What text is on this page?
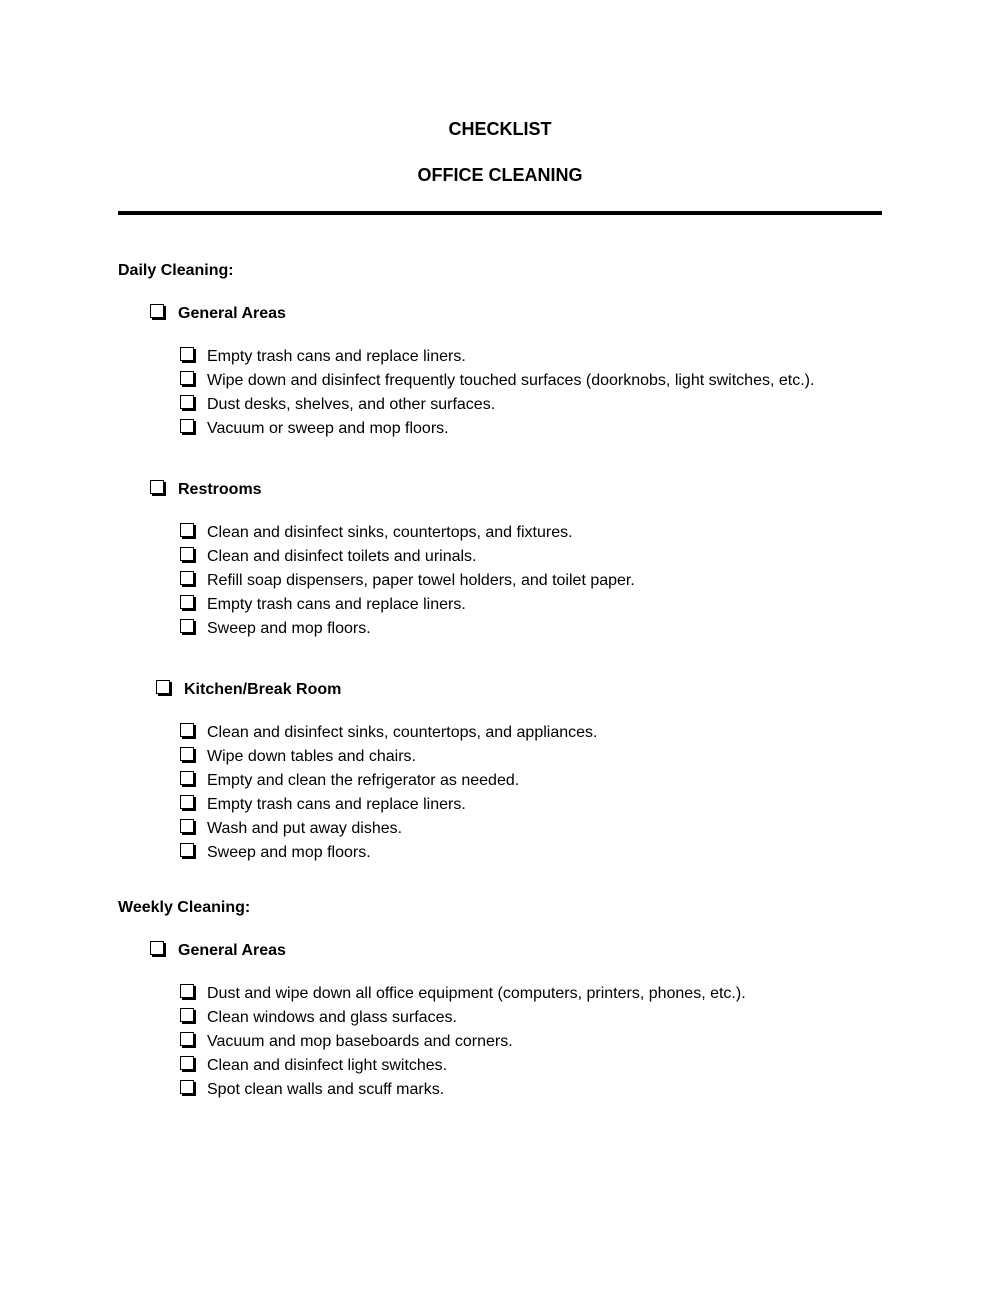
CHECKLIST
OFFICE CLEANING
Daily Cleaning:
General Areas
Empty trash cans and replace liners.
Wipe down and disinfect frequently touched surfaces (doorknobs, light switches, etc.).
Dust desks, shelves, and other surfaces.
Vacuum or sweep and mop floors.
Restrooms
Clean and disinfect sinks, countertops, and fixtures.
Clean and disinfect toilets and urinals.
Refill soap dispensers, paper towel holders, and toilet paper.
Empty trash cans and replace liners.
Sweep and mop floors.
Kitchen/Break Room
Clean and disinfect sinks, countertops, and appliances.
Wipe down tables and chairs.
Empty and clean the refrigerator as needed.
Empty trash cans and replace liners.
Wash and put away dishes.
Sweep and mop floors.
Weekly Cleaning:
General Areas
Dust and wipe down all office equipment (computers, printers, phones, etc.).
Clean windows and glass surfaces.
Vacuum and mop baseboards and corners.
Clean and disinfect light switches.
Spot clean walls and scuff marks.
